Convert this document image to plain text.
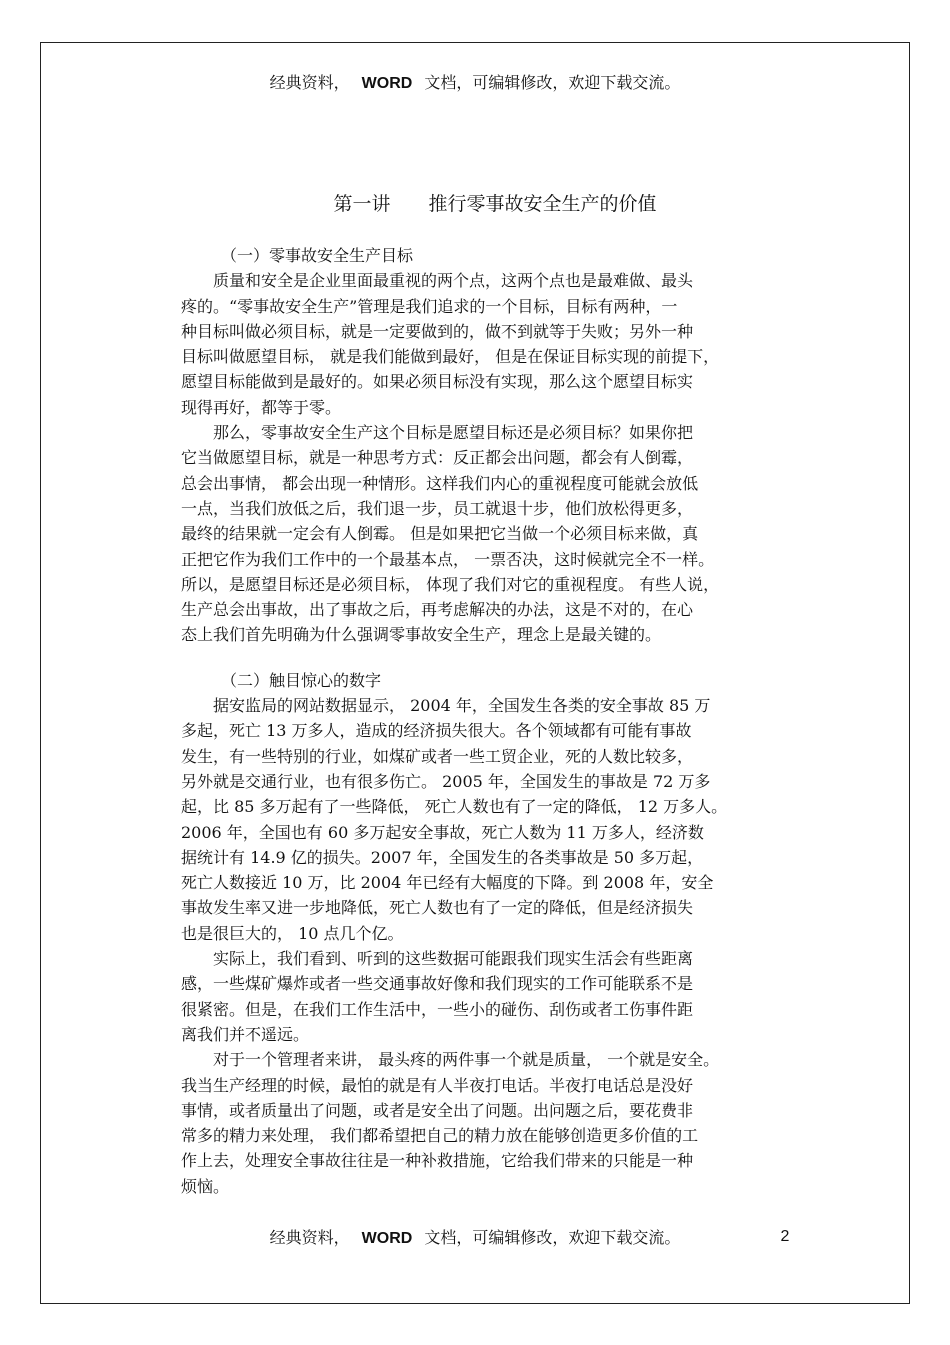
经典资料， WORD 文档，可编辑修改，欢迎下载交流。
第一讲 推行零事故安全生产的价值
（一）零事故安全生产目标
质量和安全是企业里面最重视的两个点，这两个点也是最难做、最头
疼的。“零事故安全生产”管理是我们追求的一个目标，目标有两种，一
种目标叫做必须目标，就是一定要做到的，做不到就等于失败；另外一种
目标叫做愿望目标， 就是我们能做到最好， 但是在保证目标实现的前提下，
愿望目标能做到是最好的。如果必须目标没有实现，那么这个愿望目标实
现得再好，都等于零。
那么，零事故安全生产这个目标是愿望目标还是必须目标？如果你把
它当做愿望目标，就是一种思考方式：反正都会出问题，都会有人倒霉，
总会出事情， 都会出现一种情形。这样我们内心的重视程度可能就会放低
一点，当我们放低之后，我们退一步，员工就退十步，他们放松得更多，
最终的结果就一定会有人倒霉。 但是如果把它当做一个必须目标来做，真
正把它作为我们工作中的一个最基本点， 一票否决，这时候就完全不一样。
所以，是愿望目标还是必须目标， 体现了我们对它的重视程度。 有些人说，
生产总会出事故，出了事故之后，再考虑解决的办法，这是不对的，在心
态上我们首先明确为什么强调零事故安全生产，理念上是最关键的。
（二）触目惊心的数字
据安监局的网站数据显示， 2004 年，全国发生各类的安全事故 85 万
多起，死亡 13 万多人，造成的经济损失很大。各个领域都有可能有事故
发生，有一些特别的行业，如煤矿或者一些工贸企业，死的人数比较多，
另外就是交通行业，也有很多伤亡。 2005 年，全国发生的事故是 72 万多
起，比 85 多万起有了一些降低， 死亡人数也有了一定的降低， 12 万多人。
2006 年，全国也有 60 多万起安全事故，死亡人数为 11 万多人，经济数
据统计有 14.9 亿的损失。2007 年，全国发生的各类事故是 50 多万起，
死亡人数接近 10 万，比 2004 年已经有大幅度的下降。到 2008 年，安全
事故发生率又进一步地降低，死亡人数也有了一定的降低，但是经济损失
也是很巨大的， 10 点几个亿。
实际上，我们看到、听到的这些数据可能跟我们现实生活会有些距离
感，一些煤矿爆炸或者一些交通事故好像和我们现实的工作可能联系不是
很紧密。但是，在我们工作生活中，一些小的碰伤、刮伤或者工伤事件距
离我们并不遥远。
对于一个管理者来讲， 最头疼的两件事一个就是质量， 一个就是安全。
我当生产经理的时候，最怕的就是有人半夜打电话。半夜打电话总是没好
事情，或者质量出了问题，或者是安全出了问题。出问题之后，要花费非
常多的精力来处理， 我们都希望把自己的精力放在能够创造更多价值的工
作上去，处理安全事故往往是一种补救措施，它给我们带来的只能是一种
烦恼。
经典资料， WORD 文档，可编辑修改，欢迎下载交流。	2
